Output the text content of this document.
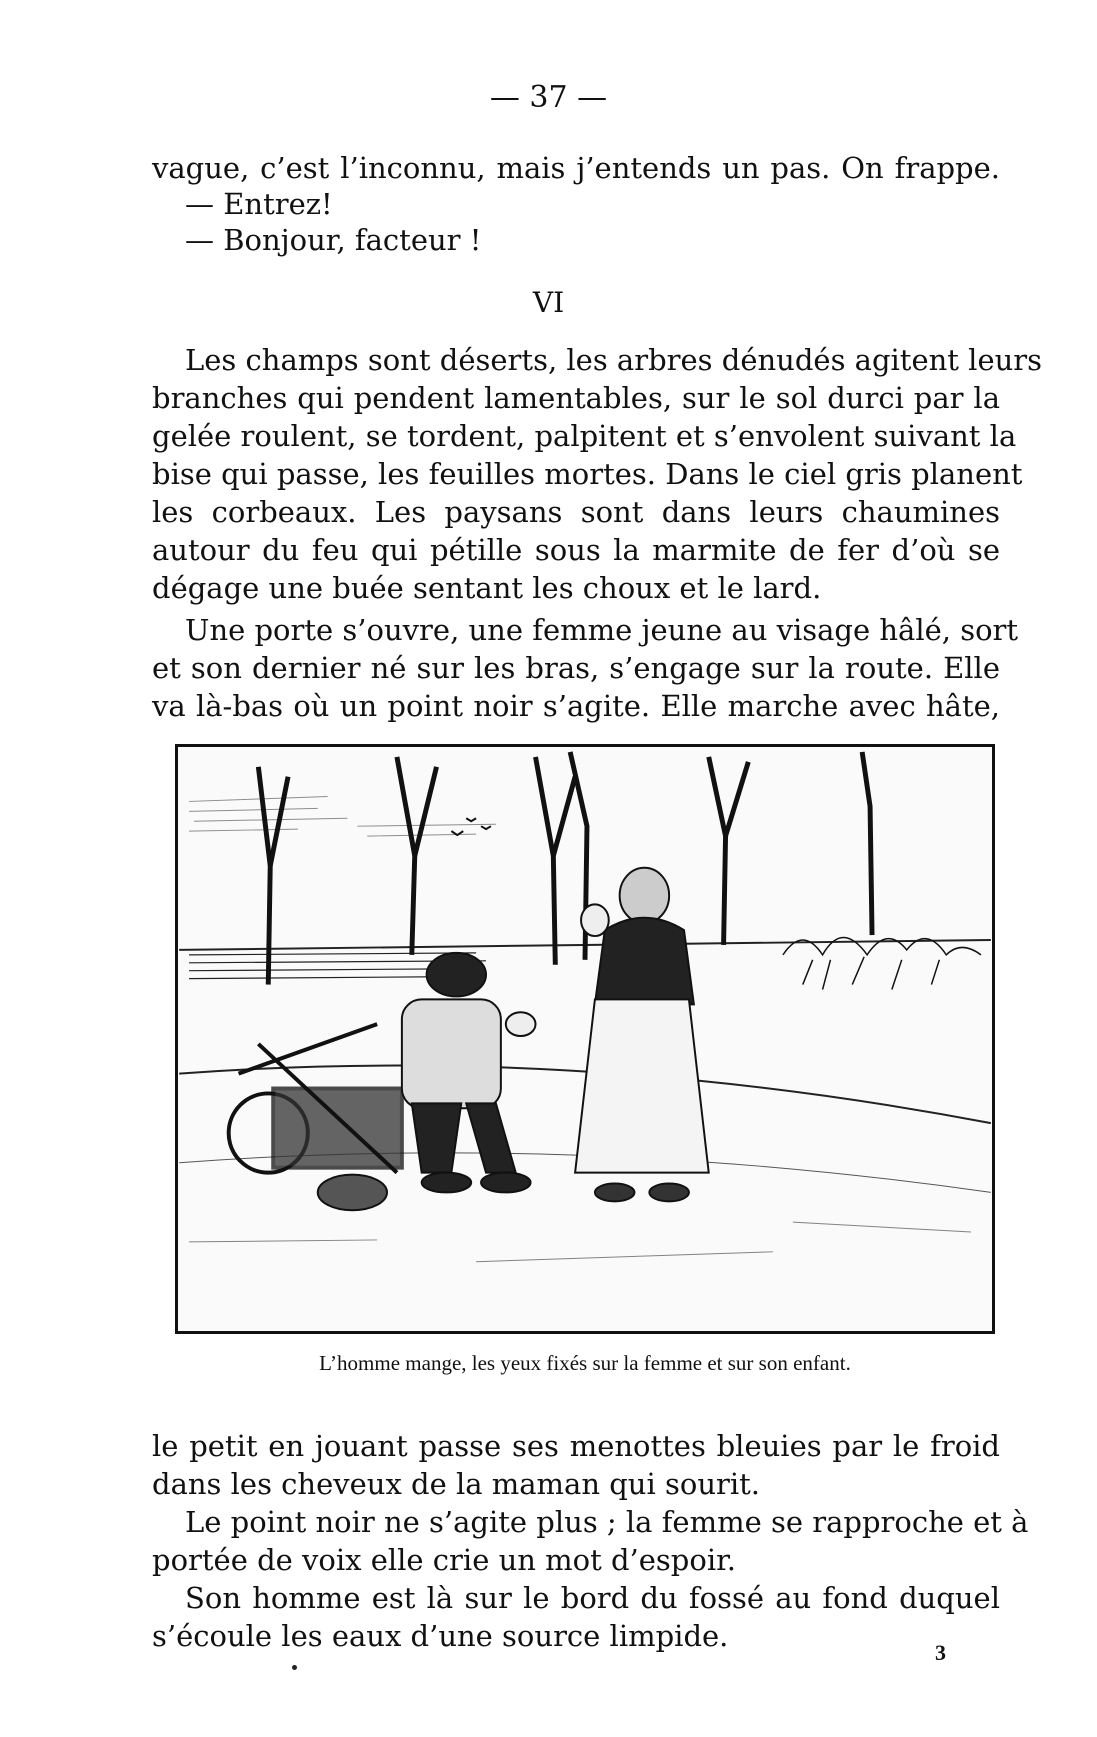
— 37 —
vague, c’est l’inconnu, mais j’entends un pas. On frappe.
— Entrez!
— Bonjour, facteur !
VI
Les champs sont déserts, les arbres dénudés agitent leurs
branches qui pendent lamentables, sur le sol durci par la
gelée roulent, se tordent, palpitent et s’envolent suivant la
bise qui passe, les feuilles mortes. Dans le ciel gris planent
les corbeaux. Les paysans sont dans leurs chaumines
autour du feu qui pétille sous la marmite de fer d’où se
dégage une buée sentant les choux et le lard.
Une porte s’ouvre, une femme jeune au visage hâlé, sort
et son dernier né sur les bras, s’engage sur la route. Elle
va là-bas où un point noir s’agite. Elle marche avec hâte,
L’homme mange, les yeux fixés sur la femme et sur son enfant.
le petit en jouant passe ses menottes bleuies par le froid
dans les cheveux de la maman qui sourit.
Le point noir ne s’agite plus ; la femme se rapproche et à
portée de voix elle crie un mot d’espoir.
Son homme est là sur le bord du fossé au fond duquel
s’écoule les eaux d’une source limpide.	3
